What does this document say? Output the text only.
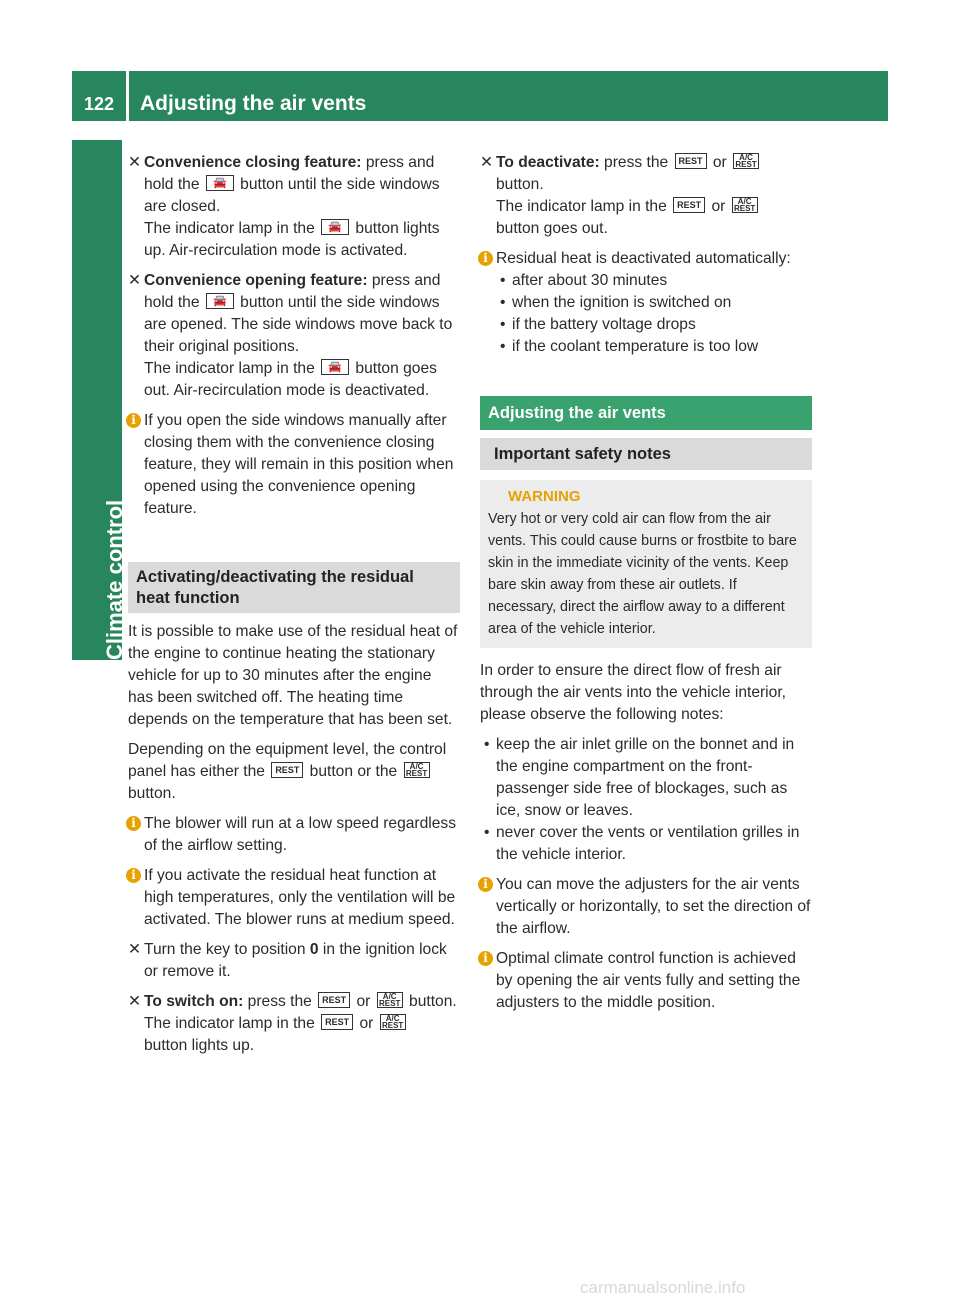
122 Adjusting the air vents
Climate control
✕ Convenience closing feature: press and hold the 🚘 button until the side windows are closed.
The indicator lamp in the 🚘 button lights up. Air-recirculation mode is activated.
✕ Convenience opening feature: press and hold the 🚘 button until the side windows are opened. The side windows move back to their original positions.
The indicator lamp in the 🚘 button goes out. Air-recirculation mode is deactivated.
i If you open the side windows manually after closing them with the convenience closing feature, they will remain in this position when opened using the convenience opening feature.
Activating/deactivating the residual heat function

It is possible to make use of the residual heat of the engine to continue heating the stationary vehicle for up to 30 minutes after the engine has been switched off. The heating time depends on the temperature that has been set.

Depending on the equipment level, the control panel has either the REST button or the A/C
REST button.

i The blower will run at a low speed regardless of the airflow setting.
i If you activate the residual heat function at high temperatures, only the ventilation will be activated. The blower runs at medium speed.
✕ Turn the key to position 0 in the ignition lock or remove it.
✕ To switch on: press the REST or A/C
REST button.
The indicator lamp in the REST or A/C
REST
button lights up.
✕ To deactivate: press the REST or A/C
REST
button.
The indicator lamp in the REST or A/C
REST
button goes out.
i Residual heat is deactivated automatically:
• after about 30 minutes
• when the ignition is switched on
• if the battery voltage drops
• if the coolant temperature is too low
Adjusting the air vents
Important safety notes
WARNING
Very hot or very cold air can flow from the air vents. This could cause burns or frostbite to bare skin in the immediate vicinity of the vents. Keep bare skin away from these air outlets. If necessary, direct the airflow away to a different area of the vehicle interior.

In order to ensure the direct flow of fresh air through the air vents into the vehicle interior, please observe the following notes:

• keep the air inlet grille on the bonnet and in the engine compartment on the front-passenger side free of blockages, such as ice, snow or leaves.
• never cover the vents or ventilation grilles in the vehicle interior.
i You can move the adjusters for the air vents vertically or horizontally, to set the direction of the airflow.
i Optimal climate control function is achieved by opening the air vents fully and setting the adjusters to the middle position.
carmanualsonline.info
